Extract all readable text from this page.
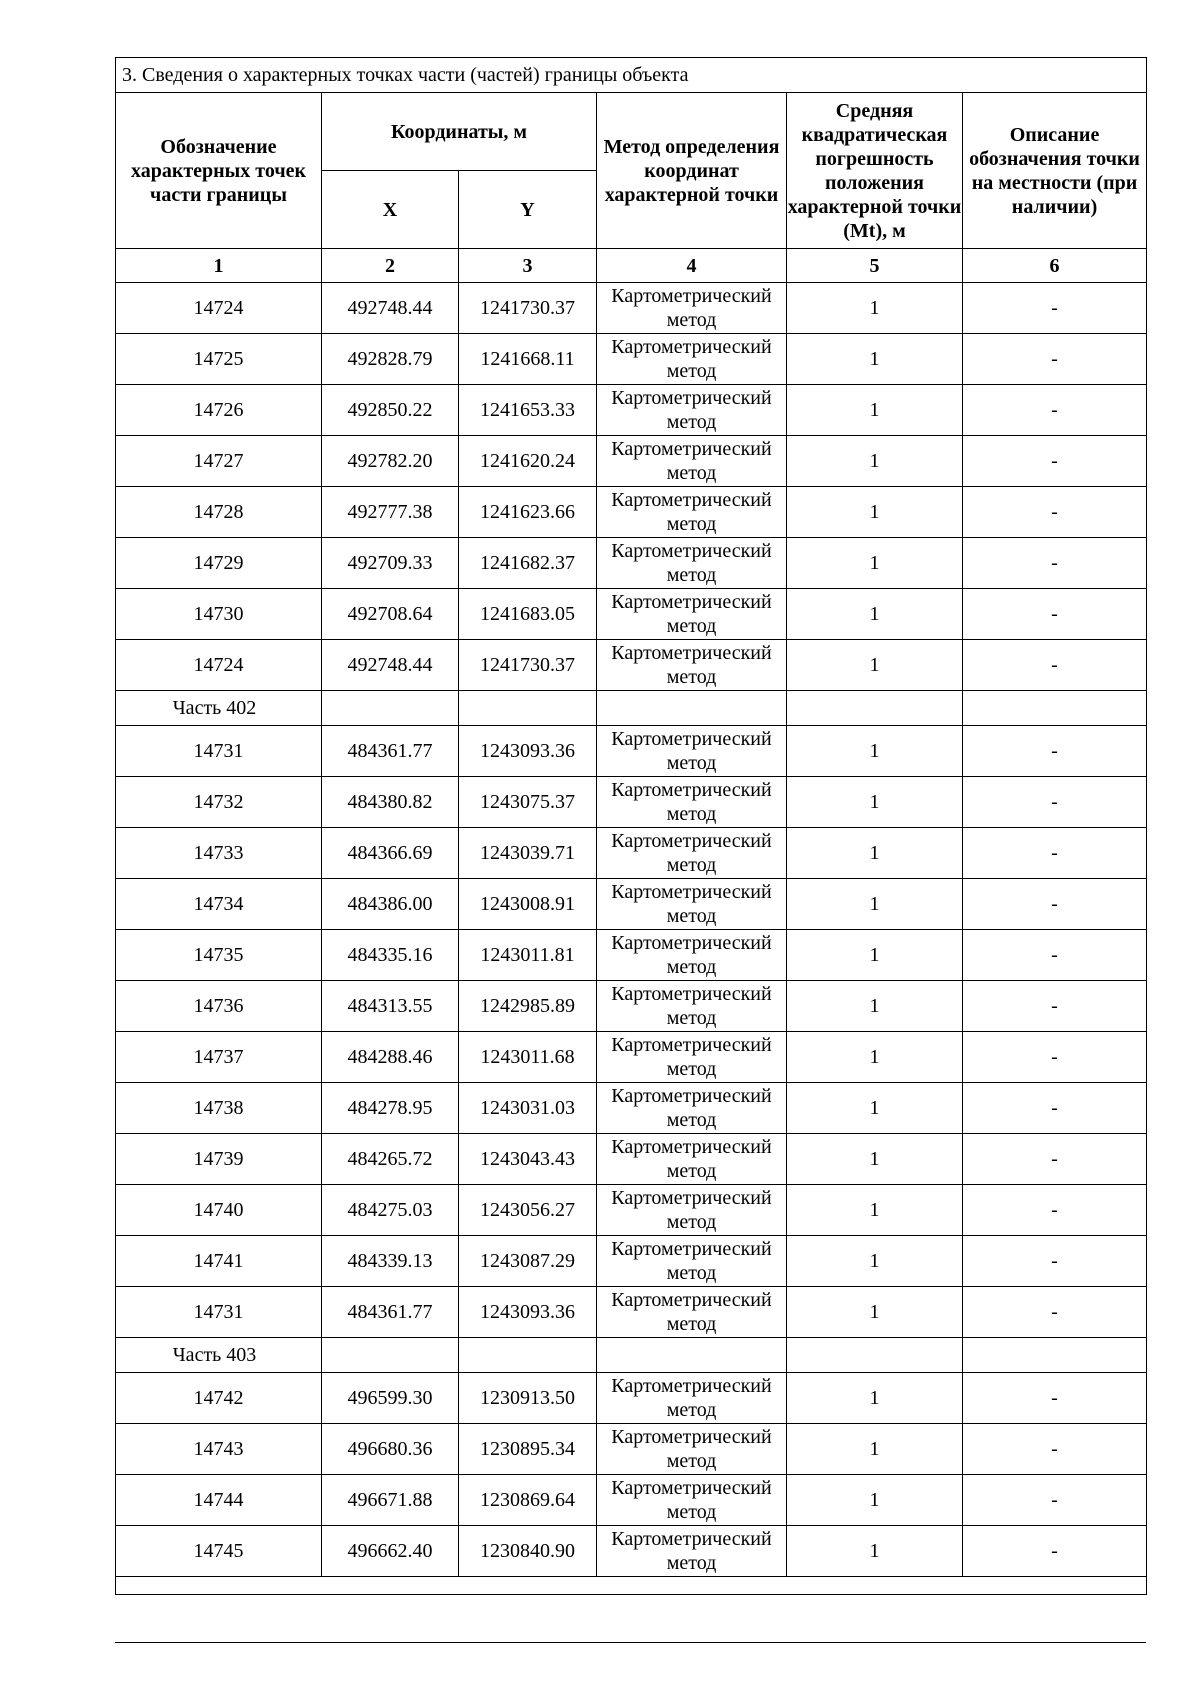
3. Сведения о характерных точках части (частей) границы объекта					
Обозначение характерных точек части границы	Координаты, м		Метод определения координат характерной точки	Средняя квадратическая погрешность положения характерной точки (Mt), м	Описание обозначения точки на местности (при наличии)
	X	Y			
1	2	3	4	5	6
14724	492748.44	1241730.37	Картометрический метод	1	-
14725	492828.79	1241668.11	Картометрический метод	1	-
14726	492850.22	1241653.33	Картометрический метод	1	-
14727	492782.20	1241620.24	Картометрический метод	1	-
14728	492777.38	1241623.66	Картометрический метод	1	-
14729	492709.33	1241682.37	Картометрический метод	1	-
14730	492708.64	1241683.05	Картометрический метод	1	-
14724	492748.44	1241730.37	Картометрический метод	1	-
Часть 402					
14731	484361.77	1243093.36	Картометрический метод	1	-
14732	484380.82	1243075.37	Картометрический метод	1	-
14733	484366.69	1243039.71	Картометрический метод	1	-
14734	484386.00	1243008.91	Картометрический метод	1	-
14735	484335.16	1243011.81	Картометрический метод	1	-
14736	484313.55	1242985.89	Картометрический метод	1	-
14737	484288.46	1243011.68	Картометрический метод	1	-
14738	484278.95	1243031.03	Картометрический метод	1	-
14739	484265.72	1243043.43	Картометрический метод	1	-
14740	484275.03	1243056.27	Картометрический метод	1	-
14741	484339.13	1243087.29	Картометрический метод	1	-
14731	484361.77	1243093.36	Картометрический метод	1	-
Часть 403					
14742	496599.30	1230913.50	Картометрический метод	1	-
14743	496680.36	1230895.34	Картометрический метод	1	-
14744	496671.88	1230869.64	Картометрический метод	1	-
14745	496662.40	1230840.90	Картометрический метод	1	-
